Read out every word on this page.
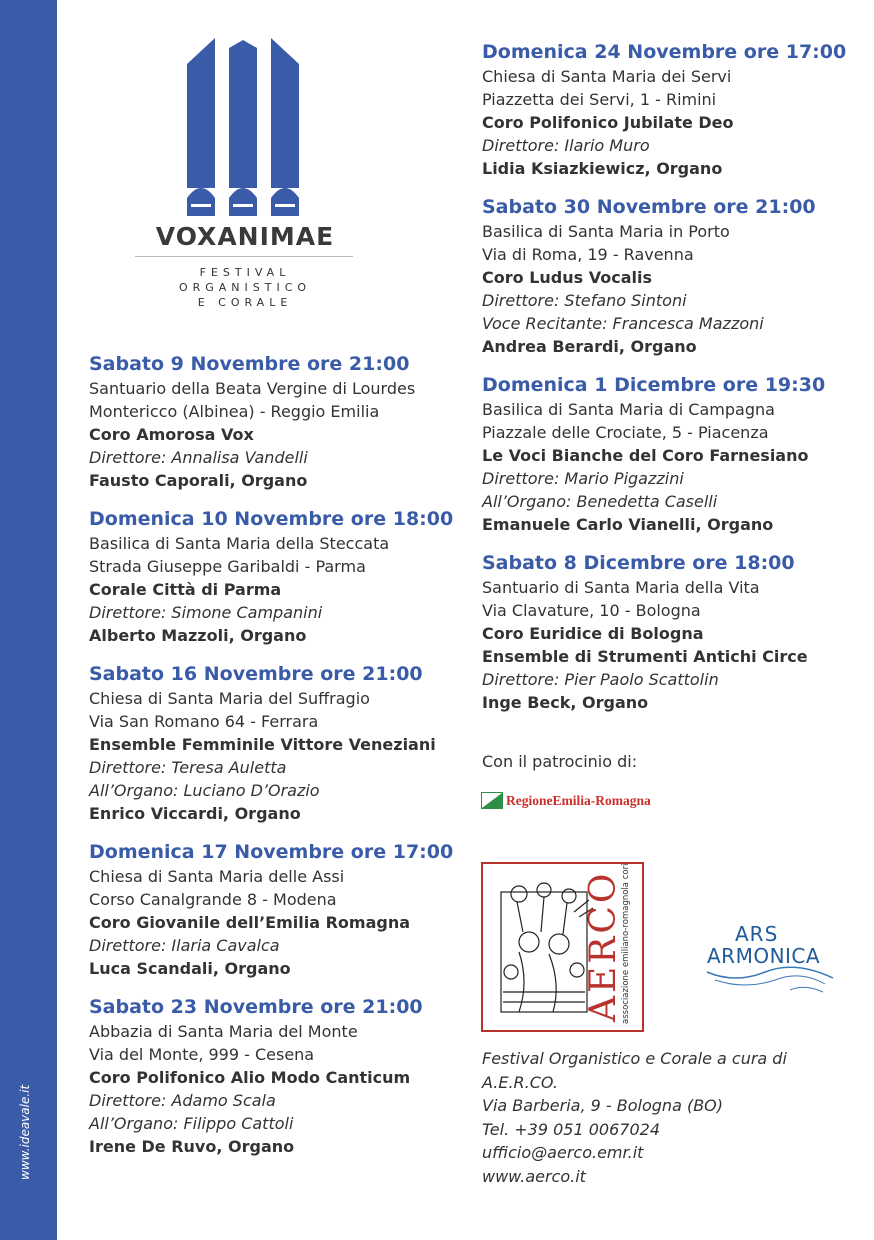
www.ideavale.it
VOXANIMAE
FESTIVAL
ORGANISTICO
E CORALE
Sabato 9 Novembre ore 21:00
Santuario della Beata Vergine di Lourdes
Montericco (Albinea) - Reggio Emilia
Coro Amorosa Vox
Direttore: Annalisa Vandelli
Fausto Caporali, Organo
Domenica 10 Novembre ore 18:00
Basilica di Santa Maria della Steccata
Strada Giuseppe Garibaldi - Parma
Corale Città di Parma
Direttore: Simone Campanini
Alberto Mazzoli, Organo
Sabato 16 Novembre ore 21:00
Chiesa di Santa Maria del Suffragio
Via San Romano 64 - Ferrara
Ensemble Femminile Vittore Veneziani
Direttore: Teresa Auletta
All’Organo: Luciano D’Orazio
Enrico Viccardi, Organo
Domenica 17 Novembre ore 17:00
Chiesa di Santa Maria delle Assi
Corso Canalgrande 8 - Modena
Coro Giovanile dell’Emilia Romagna
Direttore: Ilaria Cavalca
Luca Scandali, Organo
Sabato 23 Novembre ore 21:00
Abbazia di Santa Maria del Monte
Via del Monte, 999 - Cesena
Coro Polifonico Alio Modo Canticum
Direttore: Adamo Scala
All’Organo: Filippo Cattoli
Irene De Ruvo, Organo
Domenica 24 Novembre ore 17:00
Chiesa di Santa Maria dei Servi
Piazzetta dei Servi, 1 - Rimini
Coro Polifonico Jubilate Deo
Direttore: Ilario Muro
Lidia Ksiazkiewicz, Organo
Sabato 30 Novembre ore 21:00
Basilica di Santa Maria in Porto
Via di Roma, 19 - Ravenna
Coro Ludus Vocalis
Direttore: Stefano Sintoni
Voce Recitante: Francesca Mazzoni
Andrea Berardi, Organo
Domenica 1 Dicembre ore 19:30
Basilica di Santa Maria di Campagna
Piazzale delle Crociate, 5 - Piacenza
Le Voci Bianche del Coro Farnesiano
Direttore: Mario Pigazzini
All’Organo: Benedetta Caselli
Emanuele Carlo Vianelli, Organo
Sabato 8 Dicembre ore 18:00
Santuario di Santa Maria della Vita
Via Clavature, 10 - Bologna
Coro Euridice di Bologna
Ensemble di Strumenti Antichi Circe
Direttore: Pier Paolo Scattolin
Inge Beck, Organo
Con il patrocinio di:
RegioneEmilia-Romagna
AERCO
associazione emiliano-romagnola cori	ARS
ARMONICA
Festival Organistico e Corale a cura di
A.E.R.CO.
Via Barberia, 9 - Bologna (BO)
Tel. +39 051 0067024
ufficio@aerco.emr.it
www.aerco.it
